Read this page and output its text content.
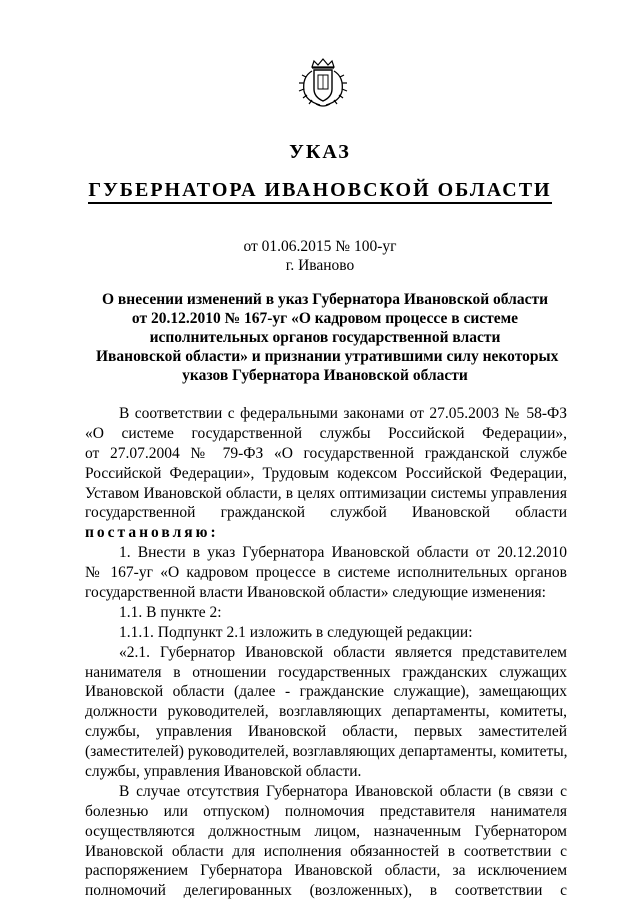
УКАЗ
ГУБЕРНАТОРА ИВАНОВСКОЙ ОБЛАСТИ
от 01.06.2015 № 100-уг
г. Иваново
О внесении изменений в указ Губернатора Ивановской области
от 20.12.2010 № 167-уг «О кадровом процессе в системе
исполнительных органов государственной власти
Ивановской области» и признании утратившими силу некоторых
указов Губернатора Ивановской области
В соответствии с федеральными законами от 27.05.2003 № 58-ФЗ
«О системе государственной службы Российской Федерации»,
от 27.07.2004 № 79-ФЗ «О государственной гражданской службе
Российской Федерации», Трудовым кодексом Российской Федерации,
Уставом Ивановской области, в целях оптимизации системы управления
государственной гражданской службой Ивановской области
постановляю:
1. Внести в указ Губернатора Ивановской области от 20.12.2010
№ 167-уг «О кадровом процессе в системе исполнительных органов
государственной власти Ивановской области» следующие изменения:
1.1. В пункте 2:
1.1.1. Подпункт 2.1 изложить в следующей редакции:
«2.1. Губернатор Ивановской области является представителем
нанимателя в отношении государственных гражданских служащих
Ивановской области (далее - гражданские служащие), замещающих
должности руководителей, возглавляющих департаменты, комитеты,
службы, управления Ивановской области, первых заместителей
(заместителей) руководителей, возглавляющих департаменты, комитеты,
службы, управления Ивановской области.
В случае отсутствия Губернатора Ивановской области (в связи с
болезнью или отпуском) полномочия представителя нанимателя
осуществляются должностным лицом, назначенным Губернатором
Ивановской области для исполнения обязанностей в соответствии с
распоряжением Губернатора Ивановской области, за исключением
полномочий делегированных (возложенных), в соответствии с
